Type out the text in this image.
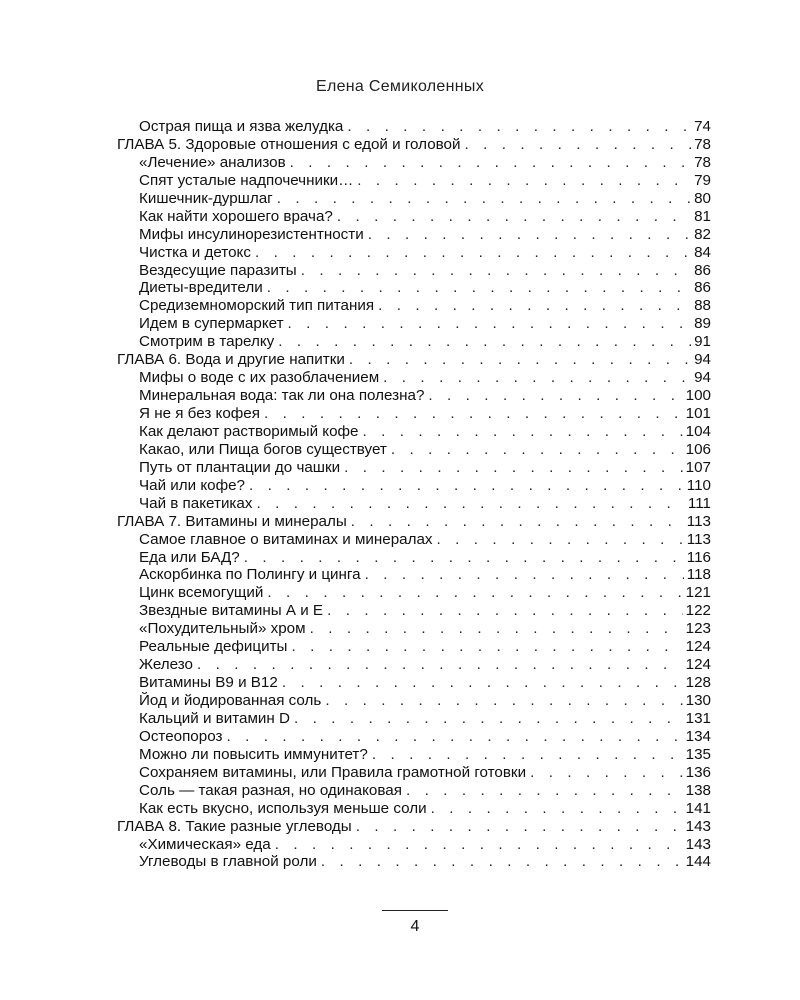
Елена Семиколенных
Острая пища и язва желудка . . .	74
ГЛАВА 5. Здоровые отношения с едой и головой . . .	78
«Лечение» анализов . . .	78
Спят усталые надпочечники… . . .	79
Кишечник-дуршлаг . . .	80
Как найти хорошего врача? . . .	81
Мифы инсулинорезистентности . . .	82
Чистка и детокс . . .	84
Вездесущие паразиты . . .	86
Диеты-вредители . . .	86
Средиземноморский тип питания . . .	88
Идем в супермаркет . . .	89
Смотрим в тарелку . . .	91
ГЛАВА 6. Вода и другие напитки . . .	94
Мифы о воде с их разоблачением . . .	94
Минеральная вода: так ли она полезна? . . .	100
Я не я без кофея . . .	101
Как делают растворимый кофе . . .	104
Какао, или Пища богов существует . . .	106
Путь от плантации до чашки . . .	107
Чай или кофе? . . .	110
Чай в пакетиках . . .	111
ГЛАВА 7. Витамины и минералы . . .	113
Самое главное о витаминах и минералах . . .	113
Еда или БАД? . . .	116
Аскорбинка по Полингу и цинга . . .	118
Цинк всемогущий . . .	121
Звездные витамины А и Е . . .	122
«Похудительный» хром . . .	123
Реальные дефициты . . .	124
Железо . . .	124
Витамины В9 и В12 . . .	128
Йод и йодированная соль . . .	130
Кальций и витамин D . . .	131
Остеопороз . . .	134
Можно ли повысить иммунитет? . . .	135
Сохраняем витамины, или Правила грамотной готовки . . .	136
Соль — такая разная, но одинаковая . . .	138
Как есть вкусно, используя меньше соли . . .	141
ГЛАВА 8. Такие разные углеводы . . .	143
«Химическая» еда . . .	143
Углеводы в главной роли . . .	144
4
